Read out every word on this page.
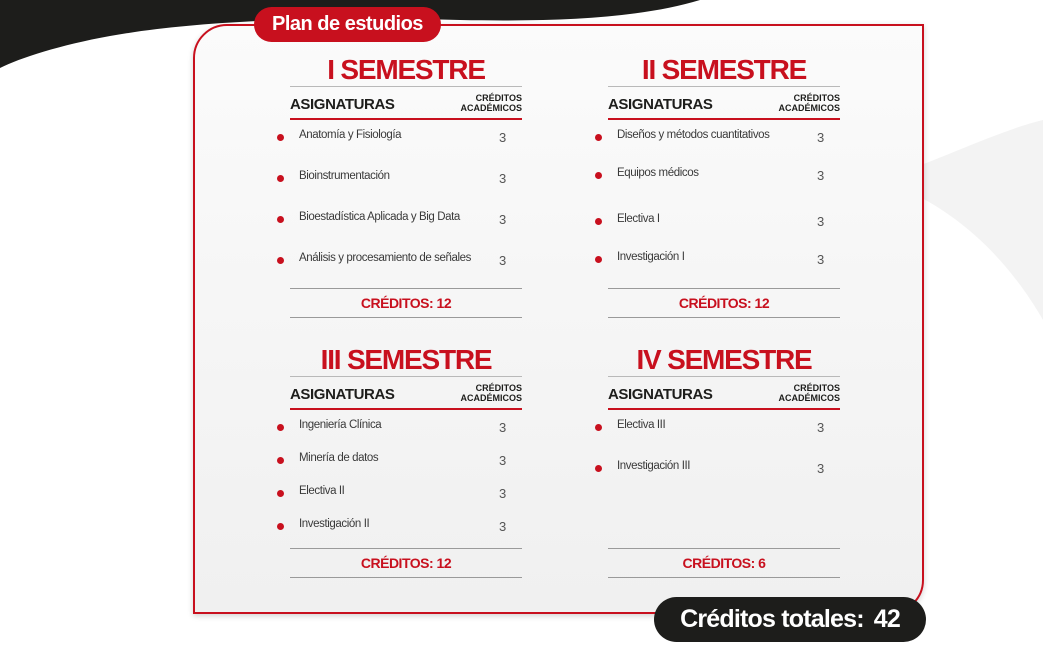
Plan de estudios
I SEMESTRE
ASIGNATURAS	CRÉDITOS
ACADÉMICOS
Anatomía y Fisiología	3
Bioinstrumentación	3
Bioestadística Aplicada y Big Data	3
Análisis y procesamiento de señales 3
CRÉDITOS: 12
II SEMESTRE
ASIGNATURAS	CRÉDITOS
ACADÉMICOS
Diseños y métodos cuantitativos	3
Equipos médicos	3
Electiva I	3
Investigación I	3
CRÉDITOS: 12
III SEMESTRE
ASIGNATURAS	CRÉDITOS
ACADÉMICOS
Ingeniería Clínica	3
Minería de datos	3
Electiva II	3
Investigación II	3
CRÉDITOS: 12
IV SEMESTRE
ASIGNATURAS	CRÉDITOS
ACADÉMICOS
Electiva III	3
Investigación III	3
CRÉDITOS: 6
Créditos totales: 42
